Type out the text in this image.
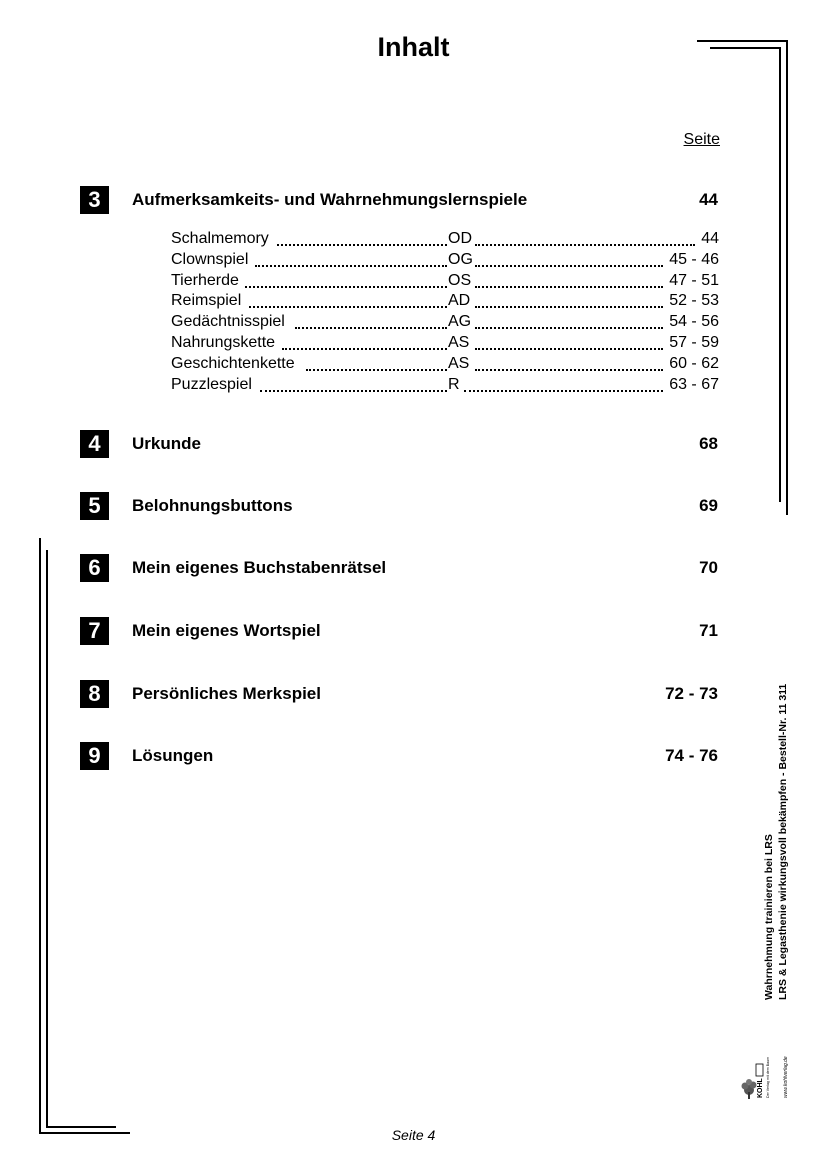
Inhalt
Seite
3	Aufmerksamkeits- und Wahrnehmungslernspiele	44
Schalmemory	OD	44
Clownspiel	OG	45 - 46
Tierherde	OS	47 - 51
Reimspiel	AD	52 - 53
Gedächtnisspiel	AG	54 - 56
Nahrungskette	AS	57 - 59
Geschichtenkette	AS	60 - 62
Puzzlespiel	R	63 - 67
4	Urkunde	68
5	Belohnungsbuttons	69
6	Mein eigenes Buchstabenrätsel	70
7	Mein eigenes Wortspiel	71
8	Persönliches Merkspiel	72 - 73
9	Lösungen	74 - 76
Wahrnehmung trainieren bei LRS LRS & Legasthenie wirkungsvoll bekämpfen - Bestell-Nr. 11 311
KOHL Der Verlag mit dem Baum	www.kohlverlag.de
Seite 4
